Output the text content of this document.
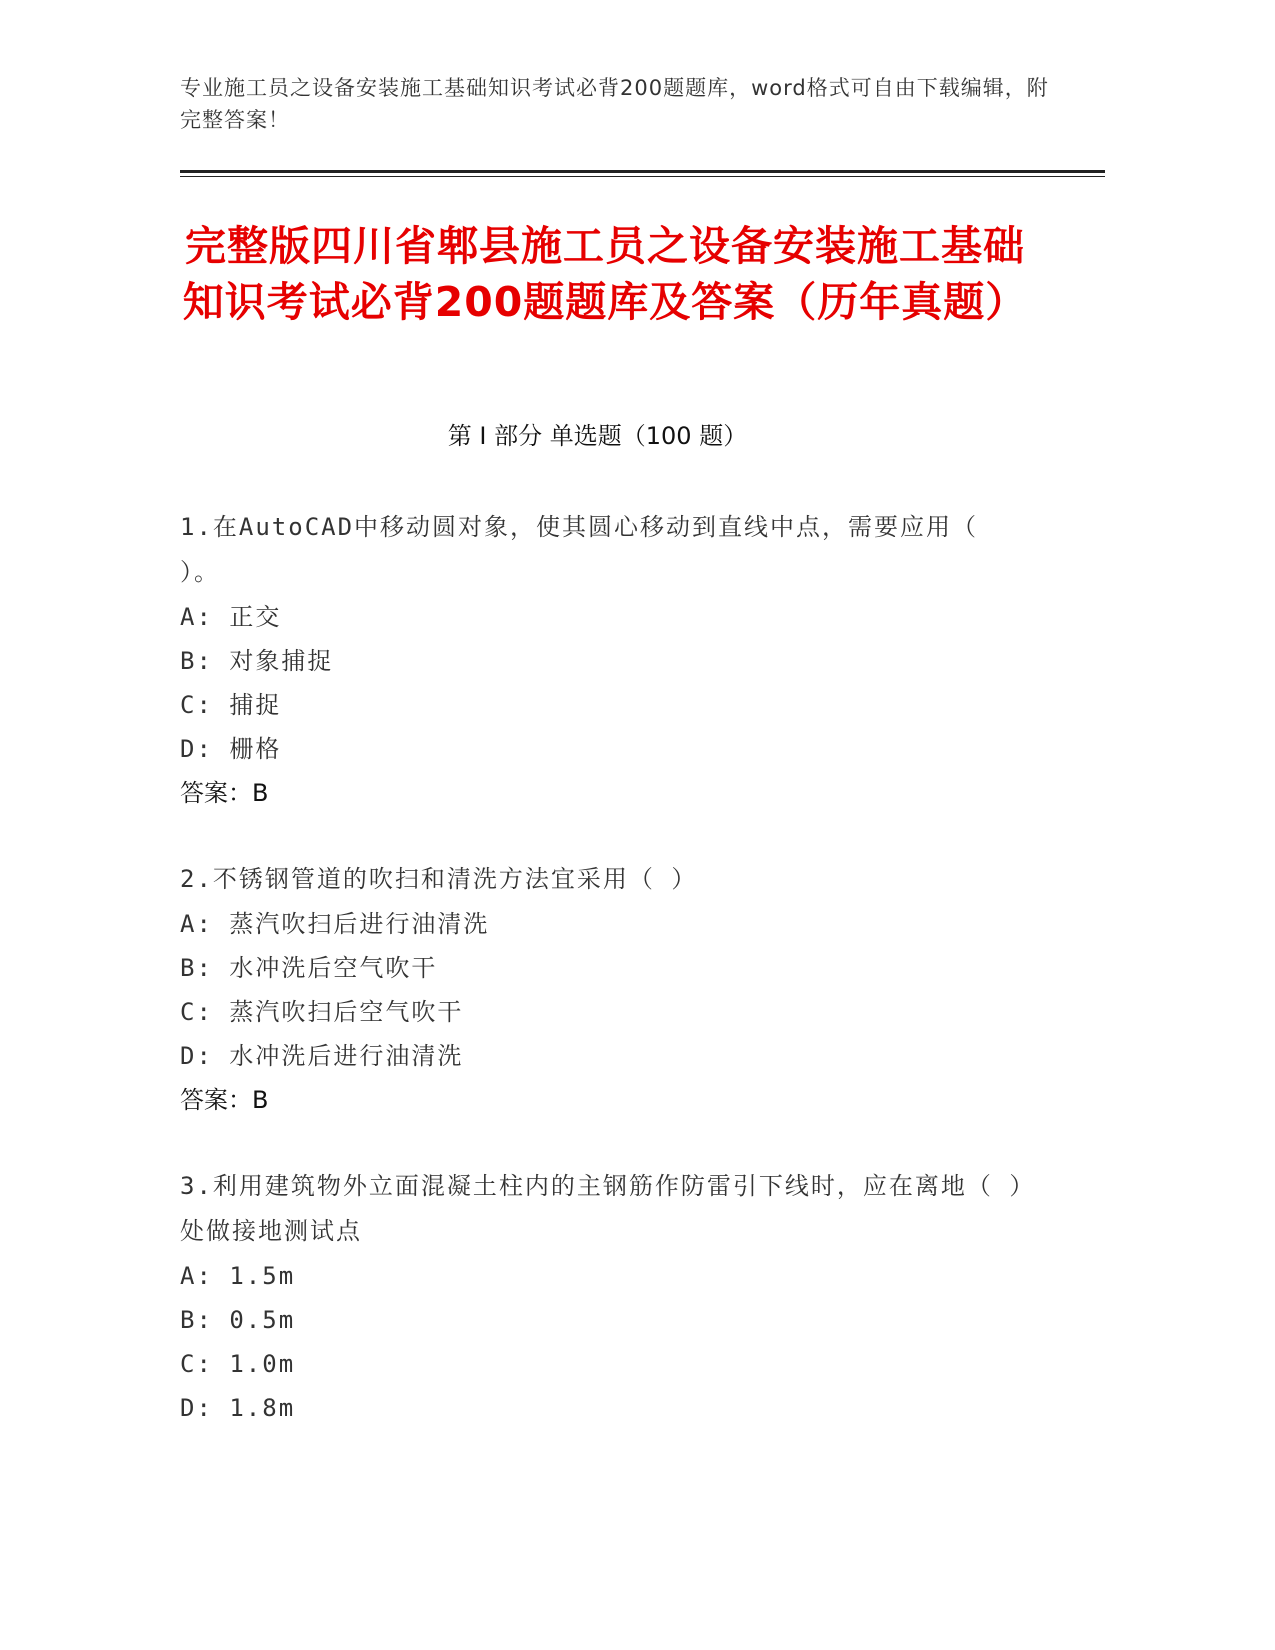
专业施工员之设备安装施工基础知识考试必背200题题库，word格式可自由下载编辑，附完整答案！
完整版四川省郫县施工员之设备安装施工基础知识考试必背200题题库及答案（历年真题）
第 I 部分 单选题（100 题）
1.在AutoCAD中移动圆对象，使其圆心移动到直线中点，需要应用（ ）。
A: 正交
B: 对象捕捉
C: 捕捉
D: 栅格
答案：B
2.不锈钢管道的吹扫和清洗方法宜采用（ ）
A: 蒸汽吹扫后进行油清洗
B: 水冲洗后空气吹干
C: 蒸汽吹扫后空气吹干
D: 水冲洗后进行油清洗
答案：B
3.利用建筑物外立面混凝土柱内的主钢筋作防雷引下线时，应在离地（ ）处做接地测试点
A: 1.5m
B: 0.5m
C: 1.0m
D: 1.8m
